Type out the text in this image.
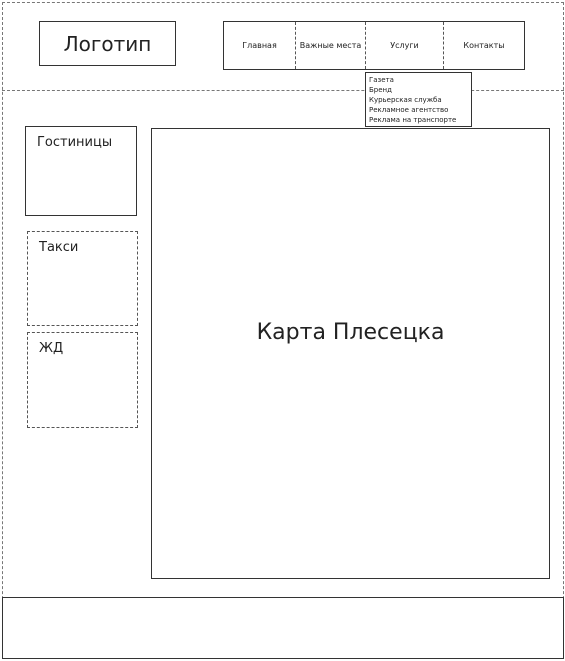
Логотип	Главная	Важные места	Услуги	Контакты
Газета
Бренд
Курьерская служба
Рекламное агентство
Реклама на транспорте
Гостиницы
Такси
ЖД
Карта Плесецка
